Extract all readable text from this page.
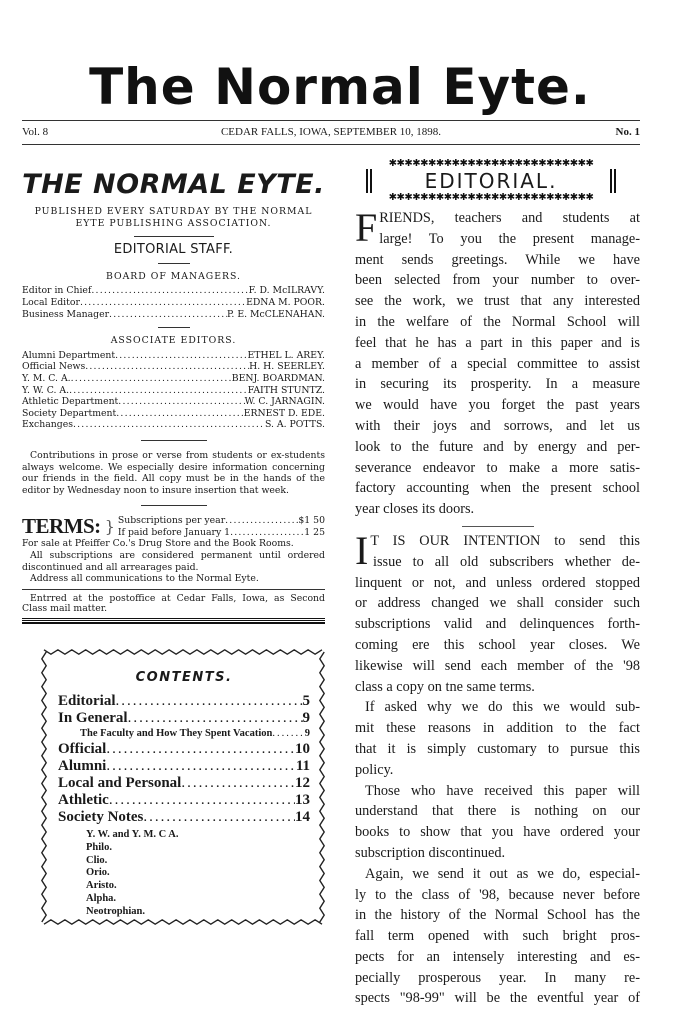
The Normal Eyte.
Vol. 8	CEDAR FALLS, IOWA, SEPTEMBER 10, 1898.	No. 1
THE NORMAL EYTE.
PUBLISHED EVERY SATURDAY BY THE NORMAL EYTE PUBLISHING ASSOCIATION.
EDITORIAL STAFF.
BOARD OF MANAGERS.
Editor in Chief .....	F. D. McILRAVY.
Local Editor .....	EDNA M. POOR.
Business Manager .....	P. E. McCLENAHAN.
ASSOCIATE EDITORS.
Alumni Department .....	ETHEL L. AREY.
Official News .....	H. H. SEERLEY.
Y. M. C. A. .....	BENJ. BOARDMAN.
Y. W. C. A. .....	FAITH STUNTZ.
Athletic Department .....	W. C. JARNAGIN.
Society Department .....	ERNEST D. EDE.
Exchanges .....	S. A. POTTS.

Contributions in prose or verse from students or ex-students always welcome. We especially desire information concerning our friends in the field. All copy must be in the hands of the editor by Wednesday noon to insure insertion that week.

TERMS: } Subscriptions per year .....	$1 50
If paid before January 1 .....	1 25

For sale at Pfeiffer Co.'s Drug Store and the Book Rooms.

All subscriptions are considered permanent until ordered discontinued and all arrearages paid.

Address all communications to the Normal Eyte.

Entrred at the postoffice at Cedar Falls, Iowa, as Second Class mail matter.

CONTENTS.
Editorial .....	5
In General .....	9
The Faculty and How They Spent Vacation .....	9
Official .....	10
Alumni .....	11
Local and Personal .....	12
Athletic .....	13
Society Notes .....	14
Y. W. and Y. M. C A.
Philo.
Clio.
Orio.
Aristo.
Alpha.
Neotrophian.
✱✱✱✱✱✱✱✱✱✱✱✱✱✱✱✱✱✱✱✱✱✱✱✱✱✱
EDITORIAL.
✱✱✱✱✱✱✱✱✱✱✱✱✱✱✱✱✱✱✱✱✱✱✱✱✱✱
F RIENDS, teachers and students at
large! To you the present manage-
ment sends greetings. While we have
been selected from your number to over-
see the work, we trust that any interested
in the welfare of the Normal School will
feel that he has a part in this paper and is
a member of a special committee to assist
in securing its prosperity. In a measure
we would have you forget the past years
with their joys and sorrows, and let us
look to the future and by energy and per-
severance endeavor to make a more satis-
factory accounting when the present school
year closes its doors.
I T IS OUR INTENTION to send this
issue to all old subscribers whether de-
linquent or not, and unless ordered stopped
or address changed we shall consider such
subscriptions valid and delinquences forth-
coming ere this school year closes. We
likewise will send each member of the '98
class a copy on tne same terms.
If asked why we do this we would sub-
mit these reasons in addition to the fact
that it is simply customary to pursue this
policy.
Those who have received this paper will
understand that there is nothing on our
books to show that you have ordered your
subscription discontinued.
Again, we send it out as we do, especial-
ly to the class of '98, because never before
in the history of the Normal School has the
fall term opened with such bright pros-
pects for an intensely interesting and es-
pecially prosperous year. In many re-
spects "98-99" will be the eventful year of
